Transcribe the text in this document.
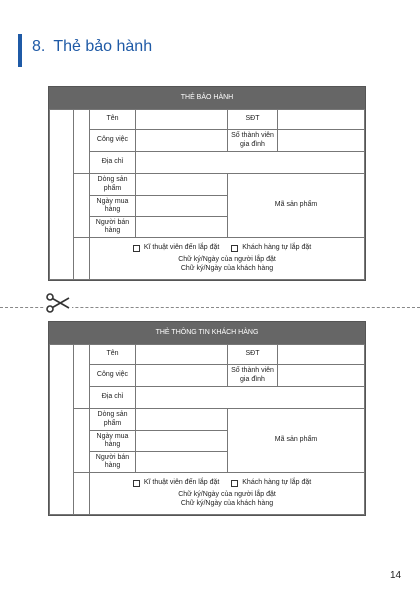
8. Thẻ bảo hành
THẺ BẢO HÀNH
		Tên		SĐT	
		Công việc		Số thành viên gia đình	
		Địa chỉ			
	Dòng sản phẩm		Mã sản phẩm	
		Ngày mua hàng			
		Người bán hàng			

Kĩ thuật viên đến lắp đặt
Khách hàng tự lắp đặt
Chữ ký/Ngày của người lắp đặt
Chữ ký/Ngày của khách hàng			
THẺ THÔNG TIN KHÁCH HÀNG
		Tên		SĐT	
		Công việc		Số thành viên gia đình	
		Địa chỉ			
	Dòng sản phẩm		Mã sản phẩm	
		Ngày mua hàng			
		Người bán hàng			

Kĩ thuật viên đến lắp đặt
Khách hàng tự lắp đặt
Chữ ký/Ngày của người lắp đặt
Chữ ký/Ngày của khách hàng			
14
